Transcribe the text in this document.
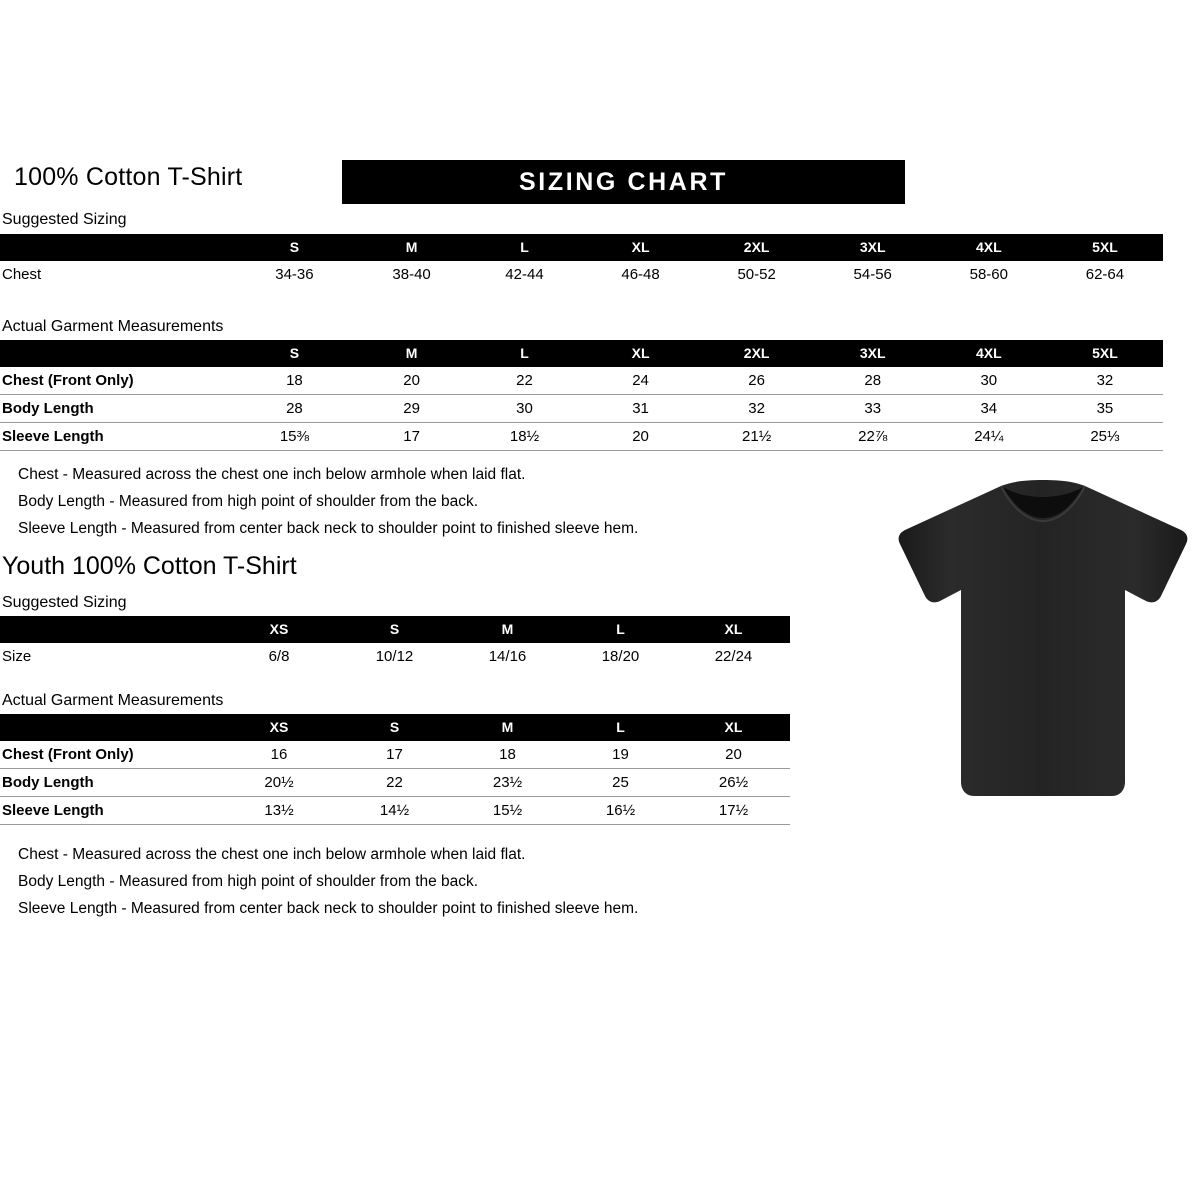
100% Cotton T-Shirt	SIZING CHART
Suggested Sizing
	S	M	L	XL	2XL	3XL	4XL	5XL
Chest	34-36	38-40	42-44	46-48	50-52	54-56	58-60	62-64
Actual Garment Measurements
	S	M	L	XL	2XL	3XL	4XL	5XL
Chest (Front Only)	18	20	22	24	26	28	30	32
Body Length	28	29	30	31	32	33	34	35
Sleeve Length	15⅜	17	18½	20	21½	22⅞	24¼	25⅓
Chest - Measured across the chest one inch below armhole when laid flat.
Body Length - Measured from high point of shoulder from the back.
Sleeve Length - Measured from center back neck to shoulder point to finished sleeve hem.
Youth 100% Cotton T-Shirt
Suggested Sizing
	XS	S	M	L	XL
Size	6/8	10/12	14/16	18/20	22/24
Actual Garment Measurements
	XS	S	M	L	XL
Chest (Front Only)	16	17	18	19	20
Body Length	20½	22	23½	25	26½
Sleeve Length	13½	14½	15½	16½	17½
Chest - Measured across the chest one inch below armhole when laid flat.
Body Length - Measured from high point of shoulder from the back.
Sleeve Length - Measured from center back neck to shoulder point to finished sleeve hem.
